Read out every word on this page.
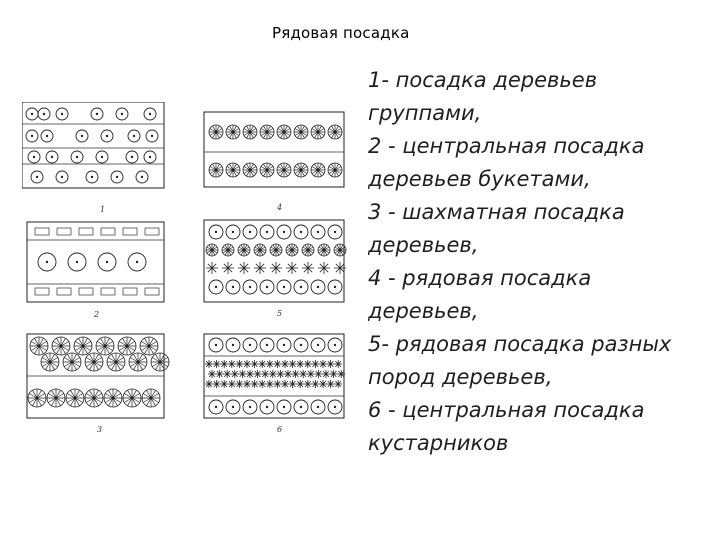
Рядовая посадка
1	4
2	5
3	6
1- посадка деревьев
группами,
2 - центральная посадка
деревьев букетами,
3 - шахматная посадка
деревьев,
4 - рядовая посадка
деревьев,
5- рядовая посадка разных
пород деревьев,
6 - центральная посадка
кустарников
